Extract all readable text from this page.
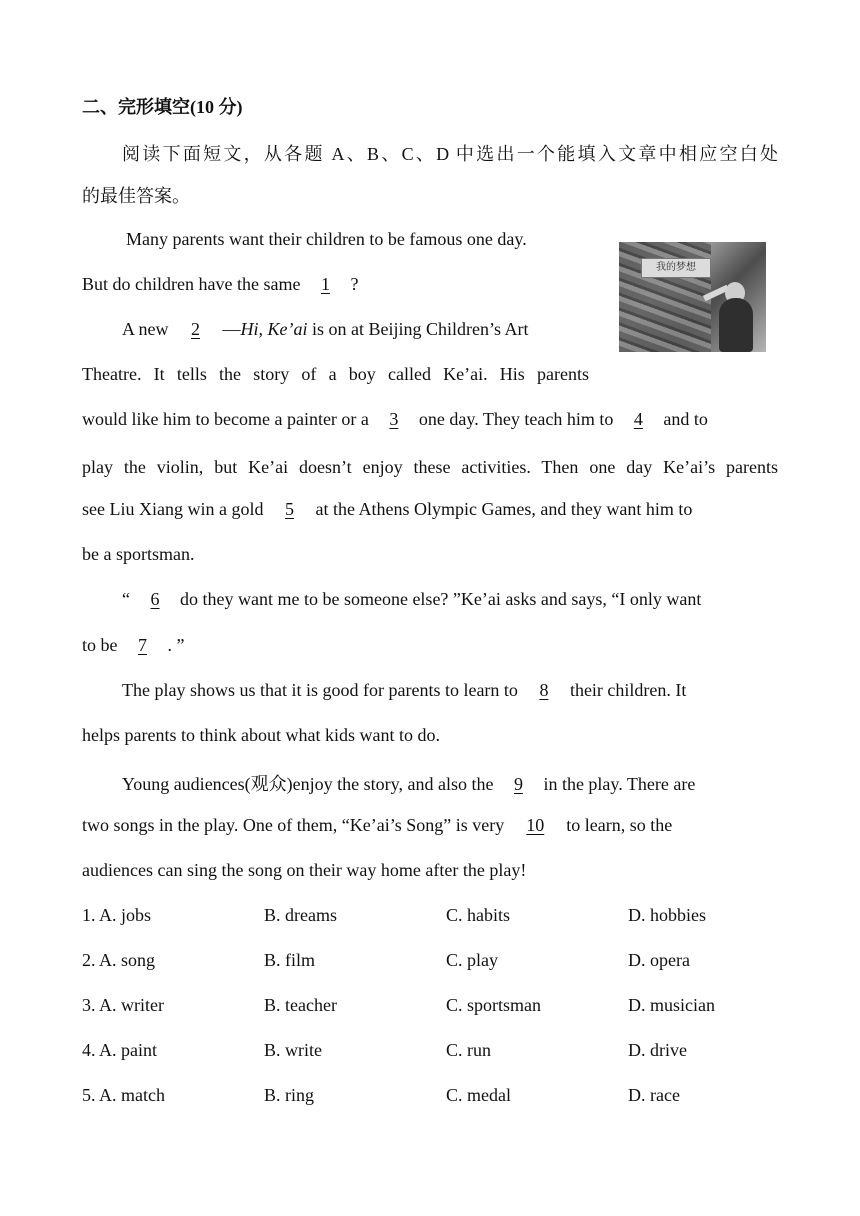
二、完形填空(10 分)
阅读下面短文，从各题 A、B、C、D 中选出一个能填入文章中相应空白处
的最佳答案。
我的梦想
Many parents want their children to be famous one day.
But do children have the same 1 ?
A new 2 —Hi, Ke’ai is on at Beijing Children’s Art
Theatre. It tells the story of a boy called Ke’ai. His parents
would like him to become a painter or a 3 one day. They teach him to 4 and to
play the violin, but Ke’ai doesn’t enjoy these activities. Then one day Ke’ai’s parents
see Liu Xiang win a gold 5 at the Athens Olympic Games, and they want him to
be a sportsman.
“ 6 do they want me to be someone else? ”Ke’ai asks and says, “I only want
to be 7 . ”
The play shows us that it is good for parents to learn to 8 their children. It
helps parents to think about what kids want to do.
Young audiences(观众)enjoy the story, and also the 9 in the play. There are
two songs in the play. One of them, “Ke’ai’s Song” is very 10 to learn, so the
audiences can sing the song on their way home after the play!
1. A. jobs	B. dreams	C. habits	D. hobbies
2. A. song	B. film	C. play	D. opera
3. A. writer	B. teacher	C. sportsman	D. musician
4. A. paint	B. write	C. run	D. drive
5. A. match	B. ring	C. medal	D. race
